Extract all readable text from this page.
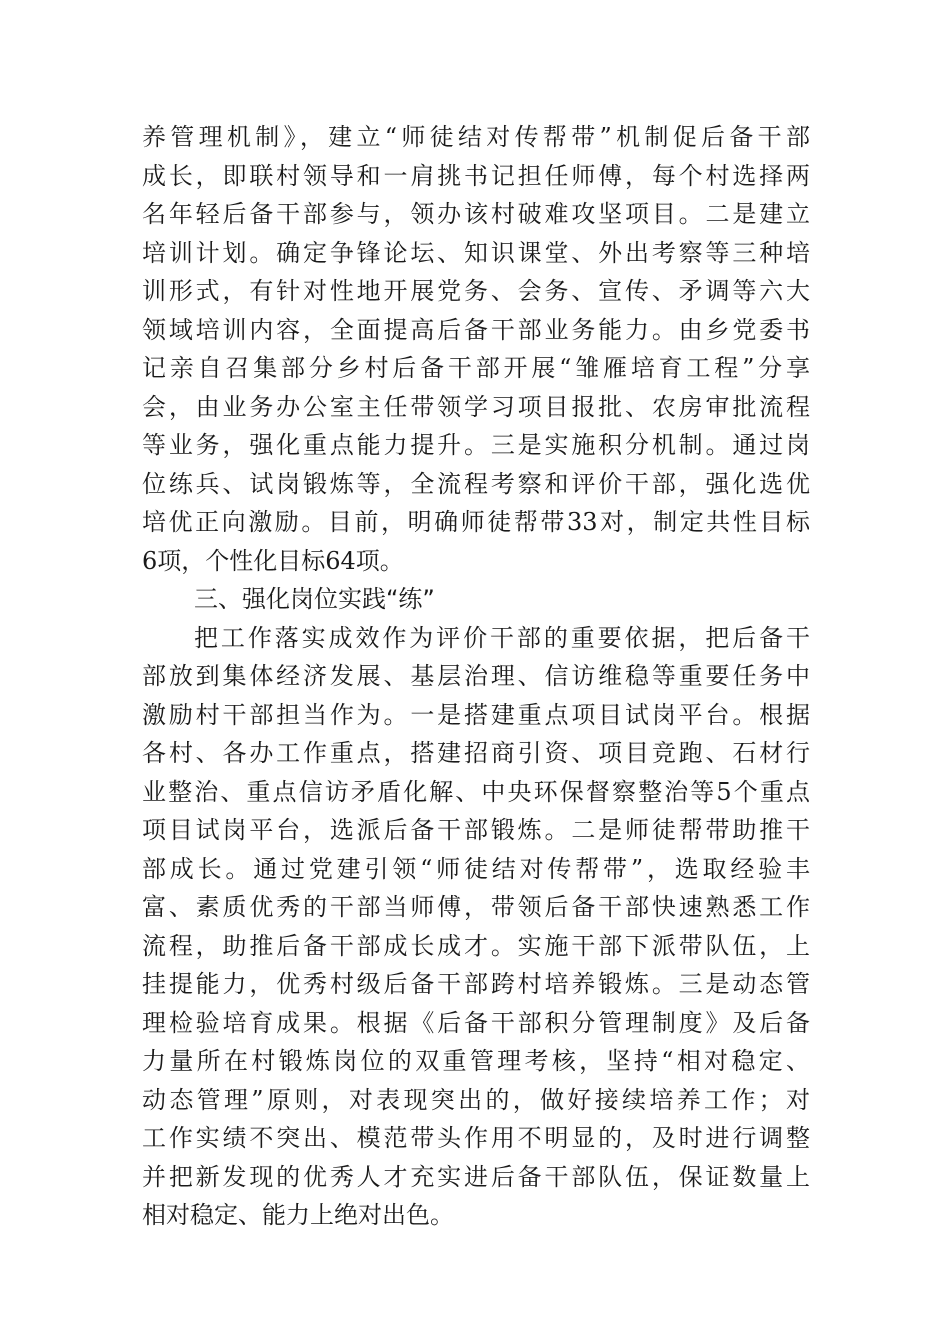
养管理机制》，建立“师徒结对传帮带”机制促后备干部
成长，即联村领导和一肩挑书记担任师傅，每个村选择两
名年轻后备干部参与，领办该村破难攻坚项目。二是建立
培训计划。确定争锋论坛、知识课堂、外出考察等三种培
训形式，有针对性地开展党务、会务、宣传、矛调等六大
领域培训内容，全面提高后备干部业务能力。由乡党委书
记亲自召集部分乡村后备干部开展“雏雁培育工程”分享
会，由业务办公室主任带领学习项目报批、农房审批流程
等业务，强化重点能力提升。三是实施积分机制。通过岗
位练兵、试岗锻炼等，全流程考察和评价干部，强化选优
培优正向激励。目前，明确师徒帮带33对，制定共性目标
6项，个性化目标64项。
三、强化岗位实践“练”
把工作落实成效作为评价干部的重要依据，把后备干
部放到集体经济发展、基层治理、信访维稳等重要任务中
激励村干部担当作为。一是搭建重点项目试岗平台。根据
各村、各办工作重点，搭建招商引资、项目竞跑、石材行
业整治、重点信访矛盾化解、中央环保督察整治等5个重点
项目试岗平台，选派后备干部锻炼。二是师徒帮带助推干
部成长。通过党建引领“师徒结对传帮带”，选取经验丰
富、素质优秀的干部当师傅，带领后备干部快速熟悉工作
流程，助推后备干部成长成才。实施干部下派带队伍，上
挂提能力，优秀村级后备干部跨村培养锻炼。三是动态管
理检验培育成果。根据《后备干部积分管理制度》及后备
力量所在村锻炼岗位的双重管理考核，坚持“相对稳定、
动态管理”原则，对表现突出的，做好接续培养工作；对
工作实绩不突出、模范带头作用不明显的，及时进行调整
并把新发现的优秀人才充实进后备干部队伍，保证数量上
相对稳定、能力上绝对出色。
